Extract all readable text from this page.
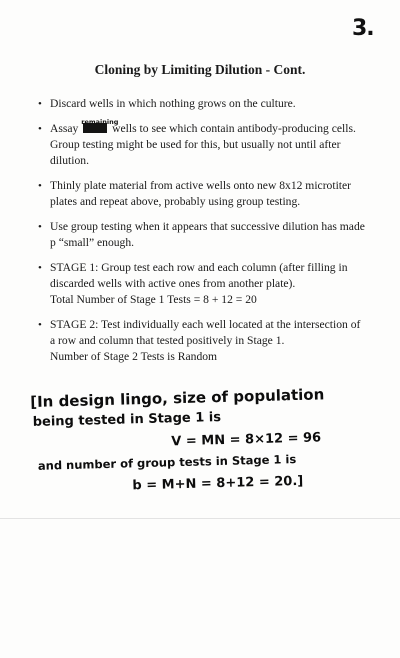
3.
Cloning by Limiting Dilution - Cont.
• Discard wells in which nothing grows on the culture.
• Assay remaining
wells to see which contain antibody-producing cells. Group testing might be used for this, but usually not until after dilution.
• Thinly plate material from active wells onto new 8x12 microtiter plates and repeat above, probably using group testing.
• Use group testing when it appears that successive dilution has made p “small” enough.
• STAGE 1: Group test each row and each column (after filling in discarded wells with active ones from another plate).
Total Number of Stage 1 Tests = 8 + 12 = 20
• STAGE 2: Test individually each well located at the intersection of a row and column that tested positively in Stage 1.
Number of Stage 2 Tests is Random
[In design lingo, size of population
being tested in Stage 1 is
V = MN = 8×12 = 96
and number of group tests in Stage 1 is
b = M+N = 8+12 = 20.]
